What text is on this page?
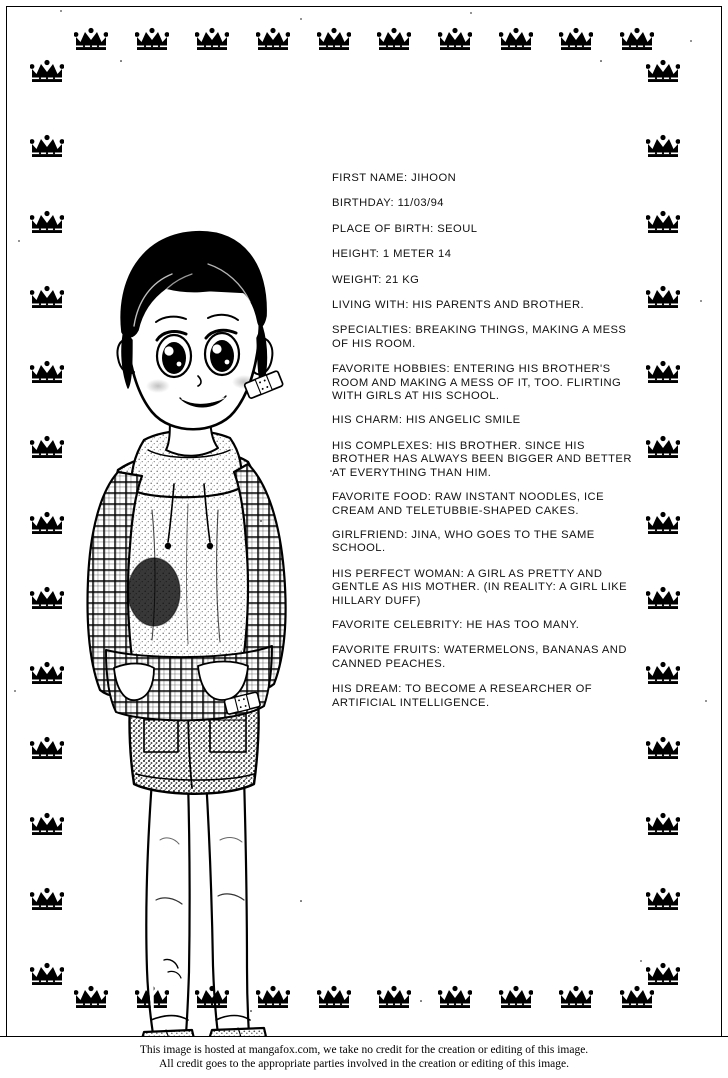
FIRST NAME: JIHOON
BIRTHDAY: 11/03/94
PLACE OF BIRTH: SEOUL
HEIGHT: 1 METER 14
WEIGHT: 21 KG
LIVING WITH: HIS PARENTS AND BROTHER.
SPECIALTIES: BREAKING THINGS, MAKING A MESS OF HIS ROOM.
FAVORITE HOBBIES: ENTERING HIS BROTHER'S ROOM AND MAKING A MESS OF IT, TOO. FLIRTING WITH GIRLS AT HIS SCHOOL.
HIS CHARM: HIS ANGELIC SMILE
HIS COMPLEXES: HIS BROTHER. SINCE HIS BROTHER HAS ALWAYS BEEN BIGGER AND BETTER AT EVERYTHING THAN HIM.
FAVORITE FOOD: RAW INSTANT NOODLES, ICE CREAM AND TELETUBBIE-SHAPED CAKES.
GIRLFRIEND: JINA, WHO GOES TO THE SAME SCHOOL.
HIS PERFECT WOMAN: A GIRL AS PRETTY AND GENTLE AS HIS MOTHER. (IN REALITY: A GIRL LIKE HILLARY DUFF)
FAVORITE CELEBRITY: HE HAS TOO MANY.
FAVORITE FRUITS: WATERMELONS, BANANAS AND CANNED PEACHES.
HIS DREAM: TO BECOME A RESEARCHER OF ARTIFICIAL INTELLIGENCE.
This image is hosted at mangafox.com, we take no credit for the creation or editing of this image.
All credit goes to the appropriate parties involved in the creation or editing of this image.
